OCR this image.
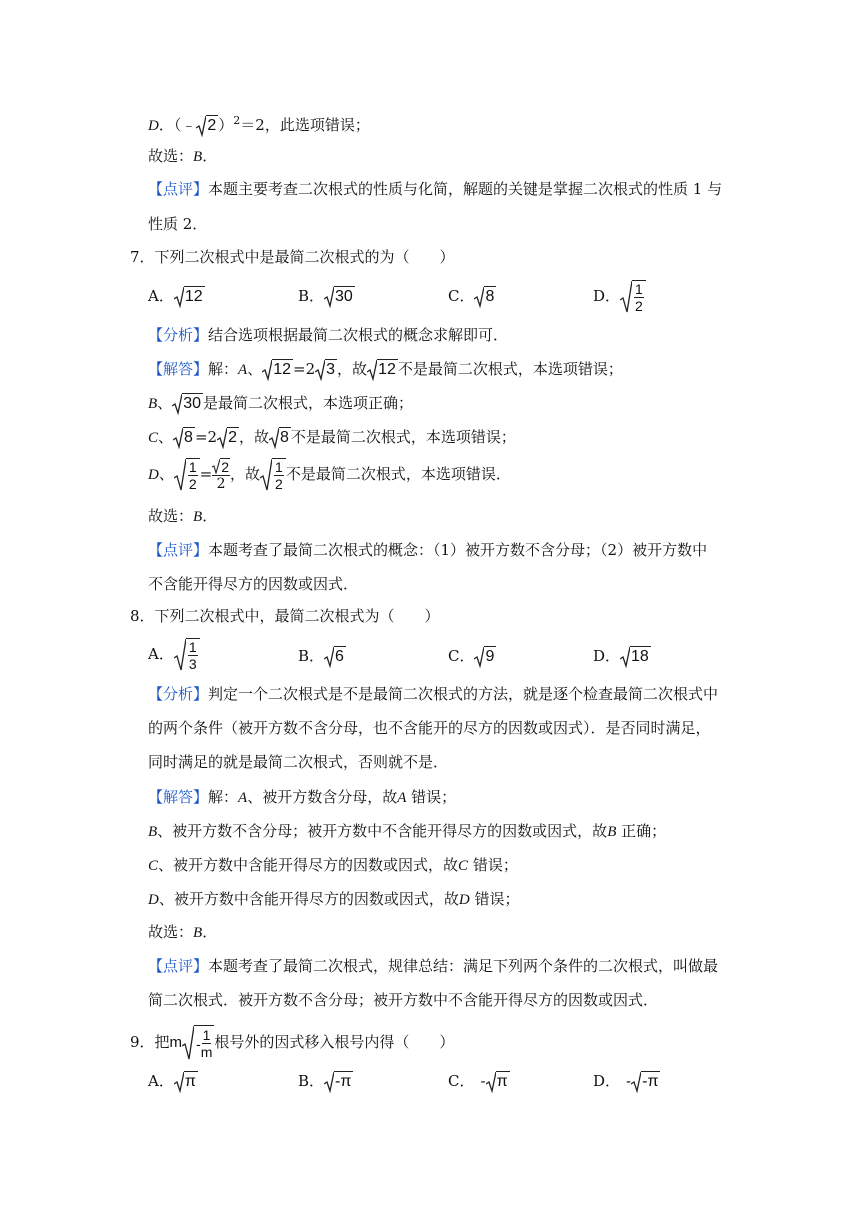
D．（﹣ 2 ）$^2$＝2，此选项错误；
故选：B．
【点评】本题主要考查二次根式的性质与化简，解题的关键是掌握二次根式的性质 1 与
性质 2．
7．下列二次根式中是最简二次根式的为（　　）
A． 12	B． 30	C． 8	D． $\frac{1}{2}$
【分析】结合选项根据最简二次根式的概念求解即可．
【解答】解：A、 12 =2 3 ，故 12 不是最简二次根式，本选项错误；
B、 30 是最简二次根式，本选项正确；
C、 8 =2 2 ，故 8 不是最简二次根式，本选项错误；
D、 $\frac{1}{2} = \frac{2}{2}$ ，故 $\frac{1}{2}$ 不是最简二次根式，本选项错误．
故选：B．
【点评】本题考查了最简二次根式的概念：（1）被开方数不含分母；（2）被开方数中
不含能开得尽方的因数或因式．
8．下列二次根式中，最简二次根式为（　　）
A． $\frac{1}{3}$	B． 6	C． 9	D． 18
【分析】判定一个二次根式是不是最简二次根式的方法，就是逐个检查最简二次根式中
的两个条件（被开方数不含分母，也不含能开的尽方的因数或因式）．是否同时满足，
同时满足的就是最简二次根式，否则就不是．
【解答】解：A、被开方数含分母，故A 错误；
B、被开方数不含分母；被开方数中不含能开得尽方的因数或因式，故B 正确；
C、被开方数中含能开得尽方的因数或因式，故C 错误；
D、被开方数中含能开得尽方的因数或因式，故D 错误；
故选：B．
【点评】本题考查了最简二次根式，规律总结：满足下列两个条件的二次根式，叫做最
简二次根式．被开方数不含分母；被开方数中不含能开得尽方的因数或因式．
9．把m -
1
m
根号外的因式移入根号内得（　　）
A． π	B． -π	C． - π	D． - -π
